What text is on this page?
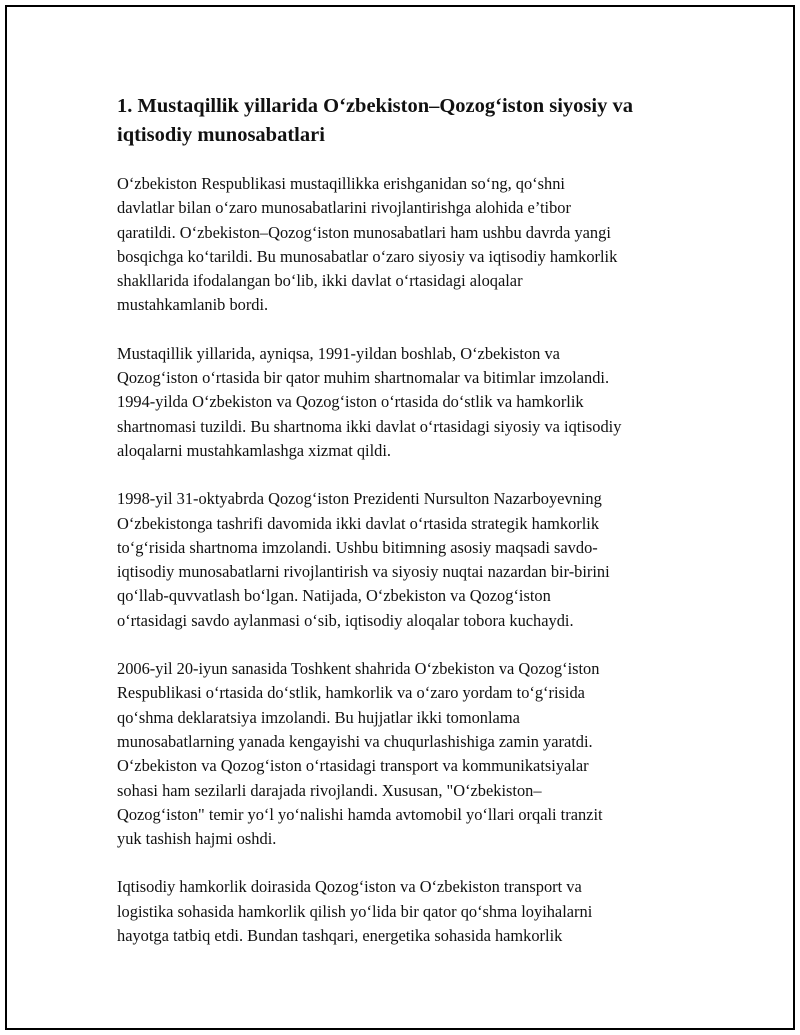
1. Mustaqillik yillarida O‘zbekiston–Qozog‘iston siyosiy va
iqtisodiy munosabatlari

O‘zbekiston Respublikasi mustaqillikka erishganidan so‘ng, qo‘shni
davlatlar bilan o‘zaro munosabatlarini rivojlantirishga alohida e’tibor
qaratildi. O‘zbekiston–Qozog‘iston munosabatlari ham ushbu davrda yangi
bosqichga ko‘tarildi. Bu munosabatlar o‘zaro siyosiy va iqtisodiy hamkorlik
shakllarida ifodalangan bo‘lib, ikki davlat o‘rtasidagi aloqalar
mustahkamlanib bordi.

Mustaqillik yillarida, ayniqsa, 1991-yildan boshlab, O‘zbekiston va
Qozog‘iston o‘rtasida bir qator muhim shartnomalar va bitimlar imzolandi.
1994-yilda O‘zbekiston va Qozog‘iston o‘rtasida do‘stlik va hamkorlik
shartnomasi tuzildi. Bu shartnoma ikki davlat o‘rtasidagi siyosiy va iqtisodiy
aloqalarni mustahkamlashga xizmat qildi.

1998-yil 31-oktyabrda Qozog‘iston Prezidenti Nursulton Nazarboyevning
O‘zbekistonga tashrifi davomida ikki davlat o‘rtasida strategik hamkorlik
to‘g‘risida shartnoma imzolandi. Ushbu bitimning asosiy maqsadi savdo-
iqtisodiy munosabatlarni rivojlantirish va siyosiy nuqtai nazardan bir-birini
qo‘llab-quvvatlash bo‘lgan. Natijada, O‘zbekiston va Qozog‘iston
o‘rtasidagi savdo aylanmasi o‘sib, iqtisodiy aloqalar tobora kuchaydi.

2006-yil 20-iyun sanasida Toshkent shahrida O‘zbekiston va Qozog‘iston
Respublikasi o‘rtasida do‘stlik, hamkorlik va o‘zaro yordam to‘g‘risida
qo‘shma deklaratsiya imzolandi. Bu hujjatlar ikki tomonlama
munosabatlarning yanada kengayishi va chuqurlashishiga zamin yaratdi.
O‘zbekiston va Qozog‘iston o‘rtasidagi transport va kommunikatsiyalar
sohasi ham sezilarli darajada rivojlandi. Xususan, "O‘zbekiston–
Qozog‘iston" temir yo‘l yo‘nalishi hamda avtomobil yo‘llari orqali tranzit
yuk tashish hajmi oshdi.

Iqtisodiy hamkorlik doirasida Qozog‘iston va O‘zbekiston transport va
logistika sohasida hamkorlik qilish yo‘lida bir qator qo‘shma loyihalarni
hayotga tatbiq etdi. Bundan tashqari, energetika sohasida hamkorlik
